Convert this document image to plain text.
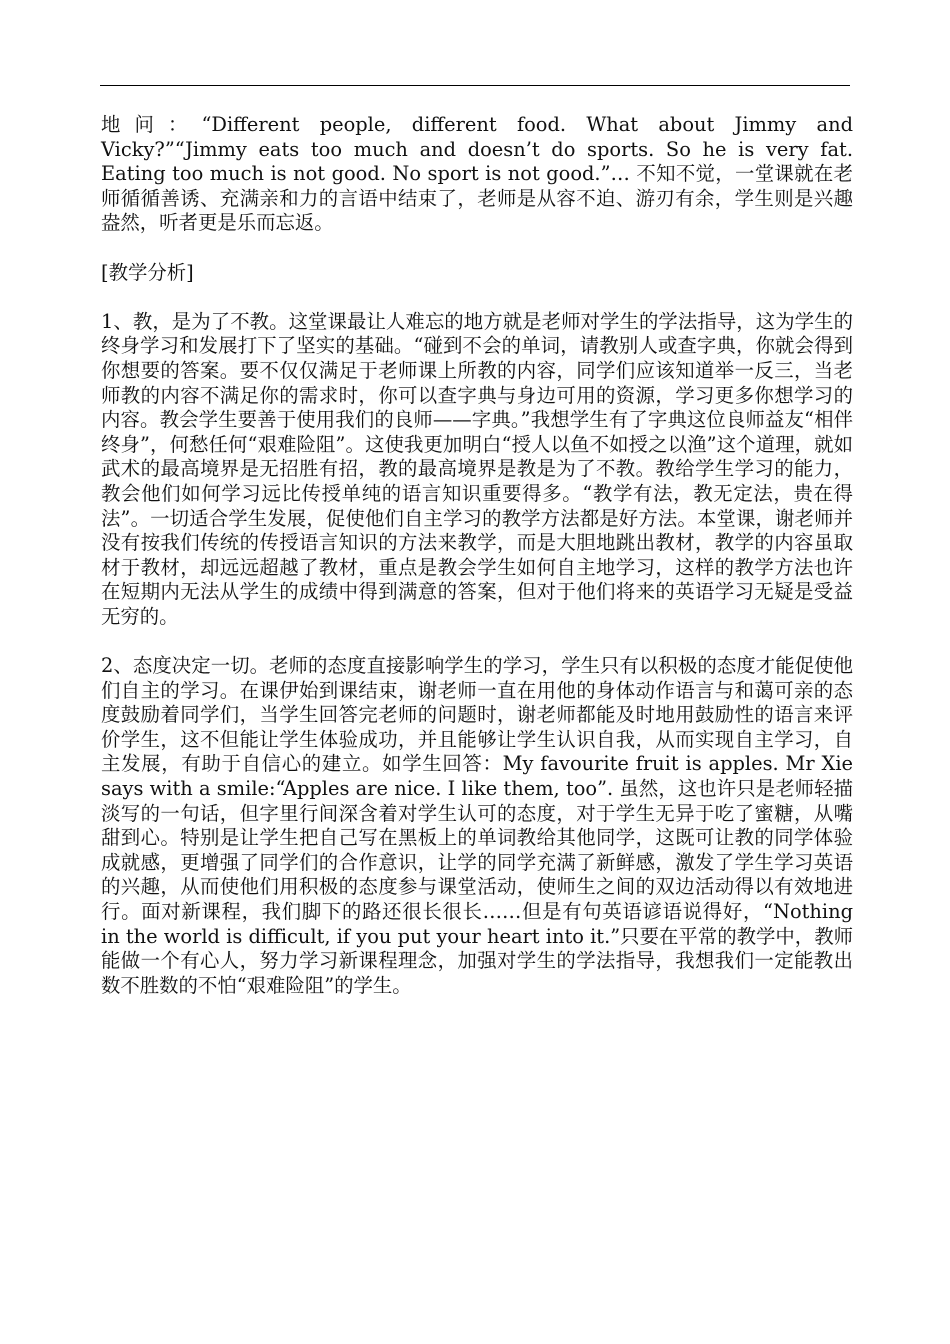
地问：“Different people, different food. What about Jimmy and Vicky?”“Jimmy eats too much and doesn’t do sports. So he is very fat. Eating too much is not good. No sport is not good.”… 不知不觉，一堂课就在老师循循善诱、充满亲和力的言语中结束了，老师是从容不迫、游刃有余，学生则是兴趣盎然，听者更是乐而忘返。

[教学分析]

1、教，是为了不教。这堂课最让人难忘的地方就是老师对学生的学法指导，这为学生的终身学习和发展打下了坚实的基础。“碰到不会的单词，请教别人或查字典，你就会得到你想要的答案。要不仅仅满足于老师课上所教的内容，同学们应该知道举一反三，当老师教的内容不满足你的需求时，你可以查字典与身边可用的资源，学习更多你想学习的内容。教会学生要善于使用我们的良师——字典。”我想学生有了字典这位良师益友“相伴终身”，何愁任何“艰难险阻”。这使我更加明白“授人以鱼不如授之以渔”这个道理，就如武术的最高境界是无招胜有招，教的最高境界是教是为了不教。教给学生学习的能力，教会他们如何学习远比传授单纯的语言知识重要得多。“教学有法，教无定法，贵在得法”。一切适合学生发展，促使他们自主学习的教学方法都是好方法。本堂课，谢老师并没有按我们传统的传授语言知识的方法来教学，而是大胆地跳出教材，教学的内容虽取材于教材，却远远超越了教材，重点是教会学生如何自主地学习，这样的教学方法也许在短期内无法从学生的成绩中得到满意的答案，但对于他们将来的英语学习无疑是受益无穷的。

2、态度决定一切。老师的态度直接影响学生的学习，学生只有以积极的态度才能促使他们自主的学习。在课伊始到课结束，谢老师一直在用他的身体动作语言与和蔼可亲的态度鼓励着同学们，当学生回答完老师的问题时，谢老师都能及时地用鼓励性的语言来评价学生，这不但能让学生体验成功，并且能够让学生认识自我，从而实现自主学习，自主发展，有助于自信心的建立。如学生回答：My favourite fruit is apples. Mr Xie says with a smile:“Apples are nice. I like them, too”. 虽然，这也许只是老师轻描淡写的一句话，但字里行间深含着对学生认可的态度，对于学生无异于吃了蜜糖，从嘴甜到心。特别是让学生把自己写在黑板上的单词教给其他同学，这既可让教的同学体验成就感，更增强了同学们的合作意识，让学的同学充满了新鲜感，激发了学生学习英语的兴趣，从而使他们用积极的态度参与课堂活动，使师生之间的双边活动得以有效地进行。面对新课程，我们脚下的路还很长很长……但是有句英语谚语说得好，“Nothing in the world is difficult, if you put your heart into it.”只要在平常的教学中，教师能做一个有心人，努力学习新课程理念，加强对学生的学法指导，我想我们一定能教出数不胜数的不怕“艰难险阻”的学生。
